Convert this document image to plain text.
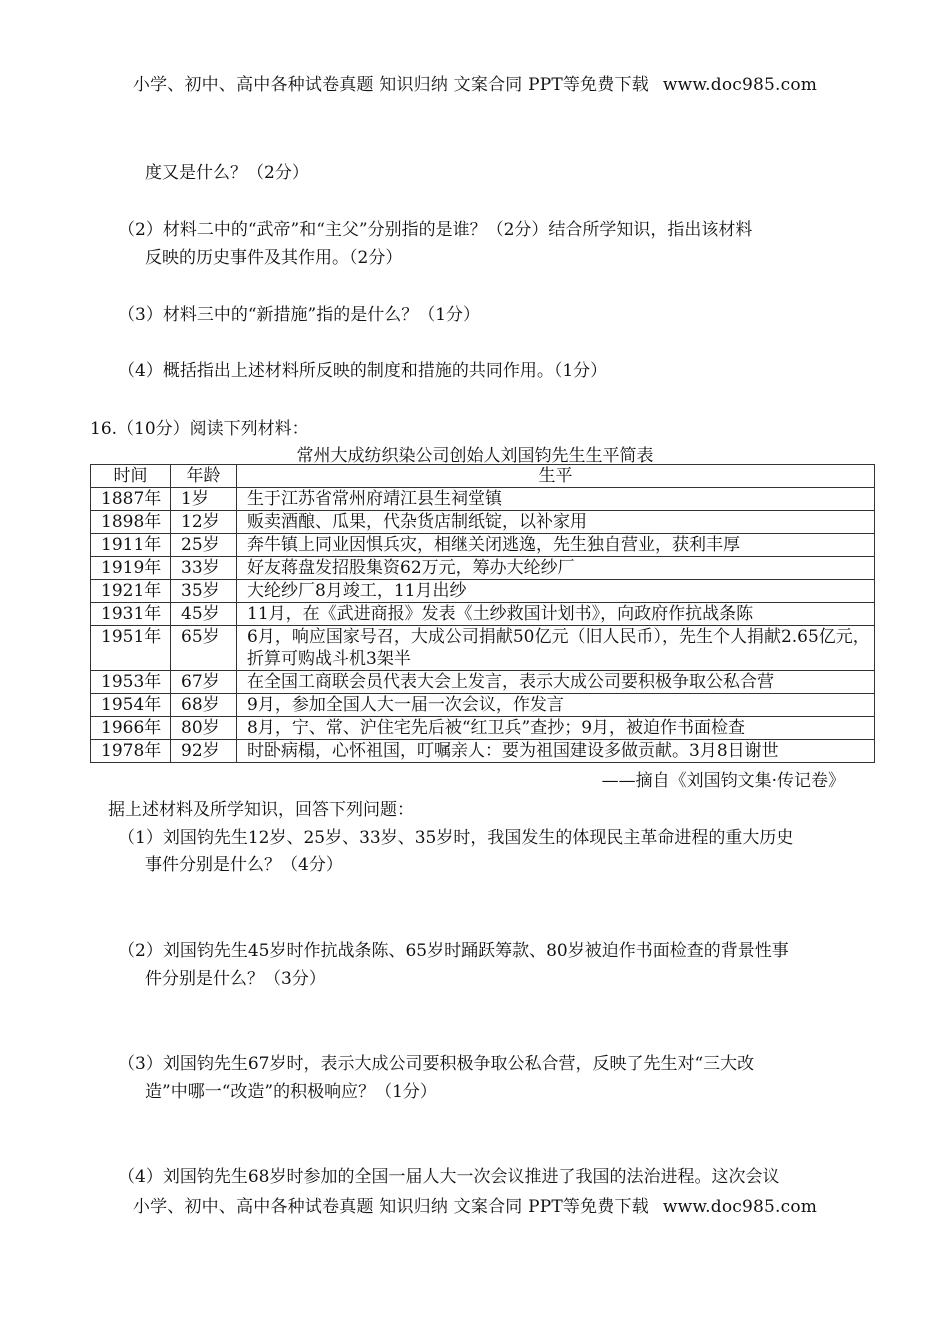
小学、初中、高中各种试卷真题 知识归纳 文案合同 PPT等免费下载 www.doc985.com
度又是什么？（2分）
（2）材料二中的“武帝”和“主父”分别指的是谁？（2分）结合所学知识，指出该材料
反映的历史事件及其作用。（2分）
（3）材料三中的“新措施”指的是什么？（1分）
（4）概括指出上述材料所反映的制度和措施的共同作用。（1分）
16.（10分）阅读下列材料：
常州大成纺织染公司创始人刘国钧先生生平简表
时间	年龄	生平
1887年	1岁	生于江苏省常州府靖江县生祠堂镇
1898年	12岁	贩卖酒酿、瓜果，代杂货店制纸锭，以补家用
1911年	25岁	奔牛镇上同业因惧兵灾，相继关闭逃逸，先生独自营业，获利丰厚
1919年	33岁	好友蒋盘发招股集资62万元，筹办大纶纱厂
1921年	35岁	大纶纱厂8月竣工，11月出纱
1931年	45岁	11月，在《武进商报》发表《土纱救国计划书》，向政府作抗战条陈
1951年	65岁	6月，响应国家号召，大成公司捐献50亿元（旧人民币），先生个人捐献2.65亿元，折算可购战斗机3架半
1953年	67岁	在全国工商联会员代表大会上发言，表示大成公司要积极争取公私合营
1954年	68岁	9月，参加全国人大一届一次会议，作发言
1966年	80岁	8月，宁、常、沪住宅先后被“红卫兵”查抄；9月，被迫作书面检查
1978年	92岁	时卧病榻，心怀祖国，叮嘱亲人：要为祖国建设多做贡献。3月8日谢世
——摘自《刘国钧文集·传记卷》
据上述材料及所学知识，回答下列问题：
（1）刘国钧先生12岁、25岁、33岁、35岁时，我国发生的体现民主革命进程的重大历史
事件分别是什么？（4分）
（2）刘国钧先生45岁时作抗战条陈、65岁时踊跃筹款、80岁被迫作书面检查的背景性事
件分别是什么？（3分）
（3）刘国钧先生67岁时，表示大成公司要积极争取公私合营，反映了先生对“三大改
造”中哪一“改造”的积极响应？（1分）
（4）刘国钧先生68岁时参加的全国一届人大一次会议推进了我国的法治进程。这次会议
小学、初中、高中各种试卷真题 知识归纳 文案合同 PPT等免费下载 www.doc985.com
